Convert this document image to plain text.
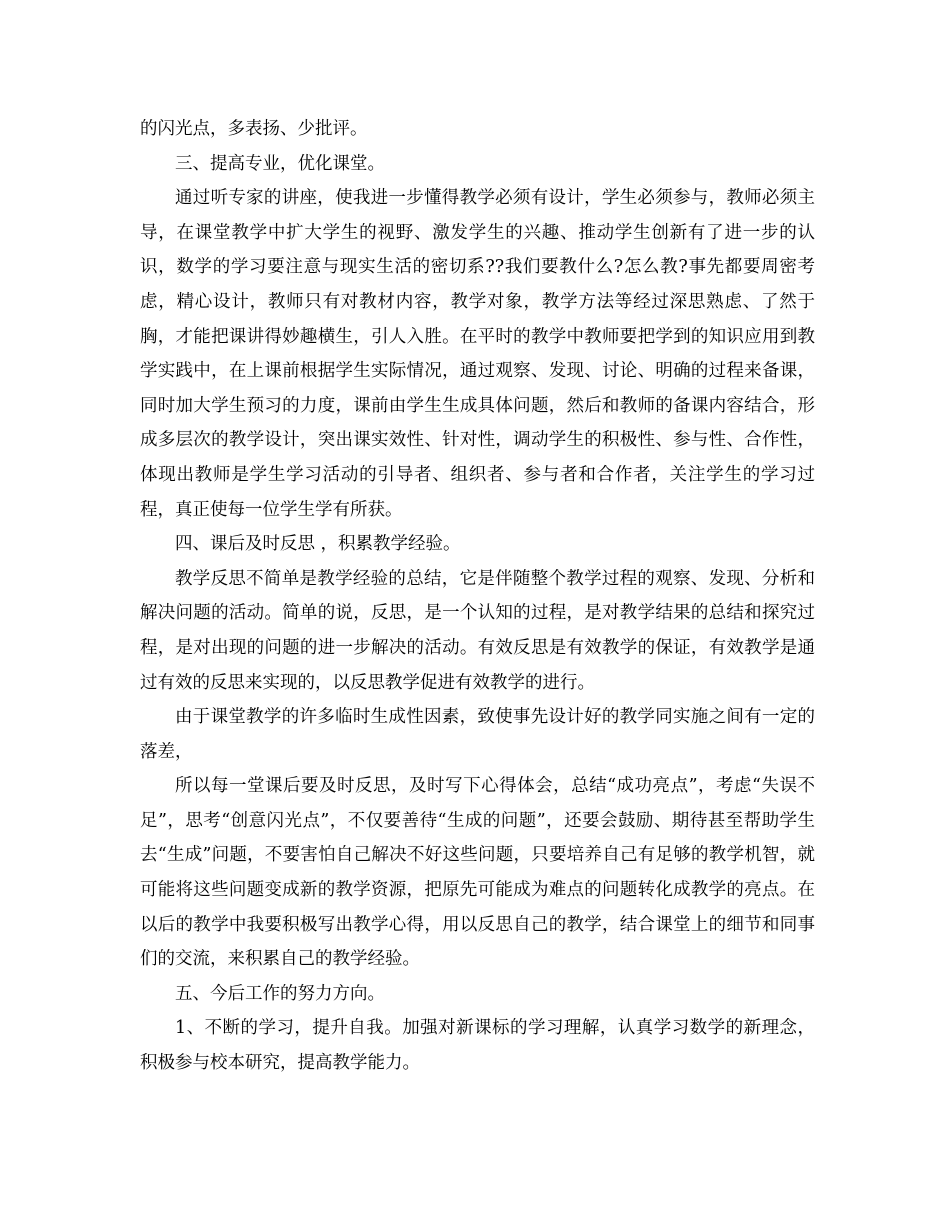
的闪光点，多表扬、少批评。

三、提高专业，优化课堂。

通过听专家的讲座，使我进一步懂得教学必须有设计，学生必须参与，教师必须主导，在课堂教学中扩大学生的视野、激发学生的兴趣、推动学生创新有了进一步的认识，数学的学习要注意与现实生活的密切系??我们要教什么?怎么教?事先都要周密考虑，精心设计，教师只有对教材内容，教学对象，教学方法等经过深思熟虑、了然于胸，才能把课讲得妙趣横生，引人入胜。在平时的教学中教师要把学到的知识应用到教学实践中，在上课前根据学生实际情况，通过观察、发现、讨论、明确的过程来备课，同时加大学生预习的力度，课前由学生生成具体问题，然后和教师的备课内容结合，形成多层次的教学设计，突出课实效性、针对性，调动学生的积极性、参与性、合作性，体现出教师是学生学习活动的引导者、组织者、参与者和合作者，关注学生的学习过程，真正使每一位学生学有所获。

四、课后及时反思 ，积累教学经验。

教学反思不简单是教学经验的总结，它是伴随整个教学过程的观察、发现、分析和解决问题的活动。简单的说，反思，是一个认知的过程，是对教学结果的总结和探究过程，是对出现的问题的进一步解决的活动。有效反思是有效教学的保证，有效教学是通过有效的反思来实现的，以反思教学促进有效教学的进行。

由于课堂教学的许多临时生成性因素，致使事先设计好的教学同实施之间有一定的落差，

所以每一堂课后要及时反思，及时写下心得体会，总结“成功亮点”，考虑“失误不足”，思考“创意闪光点”，不仅要善待“生成的问题”，还要会鼓励、期待甚至帮助学生去“生成”问题，不要害怕自己解决不好这些问题，只要培养自己有足够的教学机智，就可能将这些问题变成新的教学资源，把原先可能成为难点的问题转化成教学的亮点。在以后的教学中我要积极写出教学心得，用以反思自己的教学，结合课堂上的细节和同事们的交流，来积累自己的教学经验。

五、今后工作的努力方向。

1、不断的学习，提升自我。加强对新课标的学习理解，认真学习数学的新理念，积极参与校本研究，提高教学能力。
